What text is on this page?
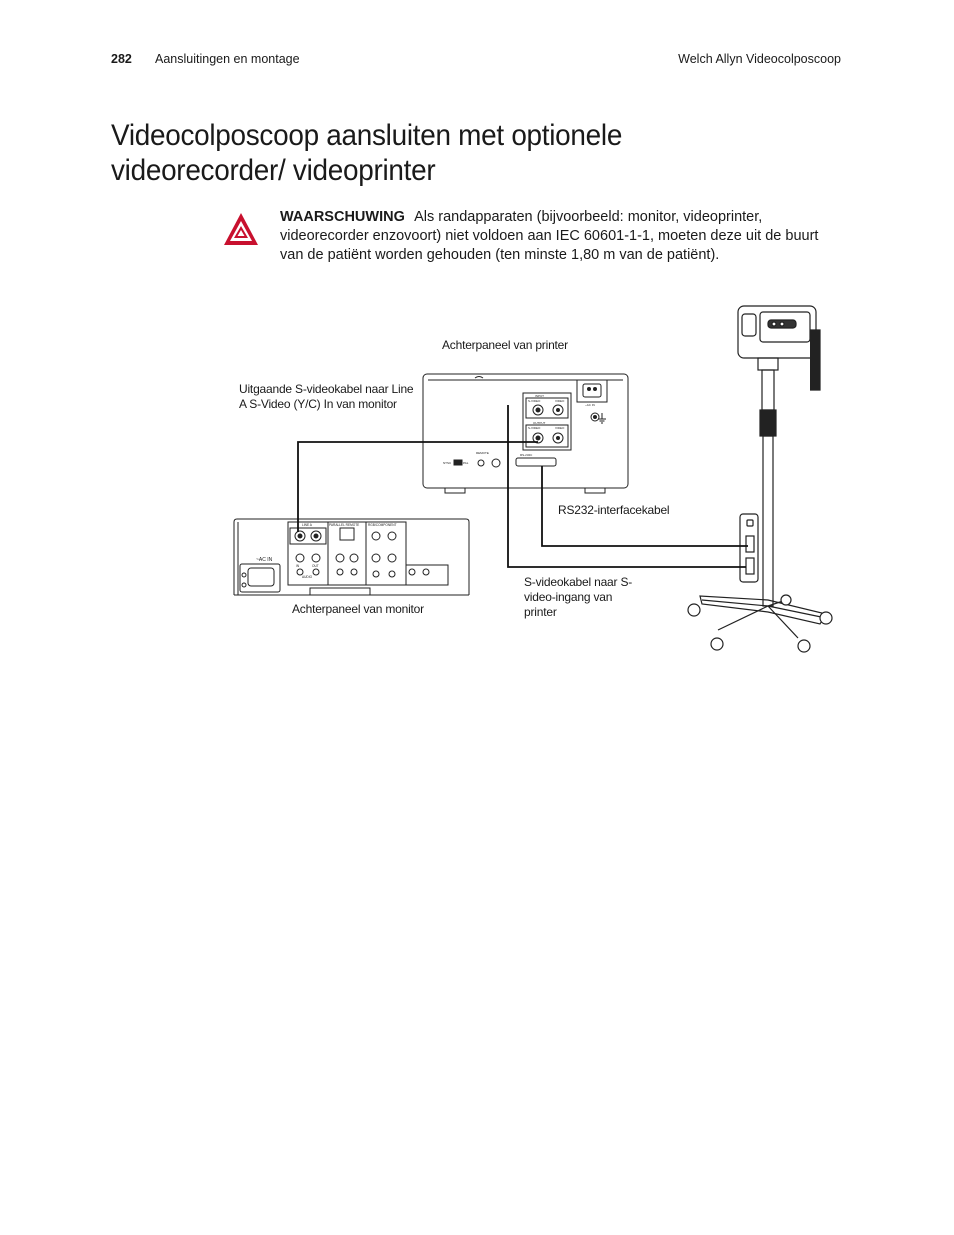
282 Aansluitingen en montage	Welch Allyn Videocolposcoop
Videocolposcoop aansluiten met optionele videorecorder/ videoprinter
WAARSCHUWING Als randapparaten (bijvoorbeeld: monitor, videoprinter, videorecorder enzovoort) niet voldoen aan IEC 60601-1-1, moeten deze uit de buurt van de patiënt worden gehouden (ten minste 1,80 m van de patiënt).
INPUT
S-VIDEO	VIDEO
OUTPUT
S-VIDEO	VIDEO
RS-232C
~AC IN
REMOTE
NTSC	PAL
LINE A	PARALLEL REMOTE	RGB/COMPONENT
~AC IN
IN	OUT
AUDIO
Achterpaneel van printer
Uitgaande S-videokabel naar Line A S-Video (Y/C) In van monitor
RS232-interfacekabel
Achterpaneel van monitor
S-videokabel naar S-video-ingang van printer
